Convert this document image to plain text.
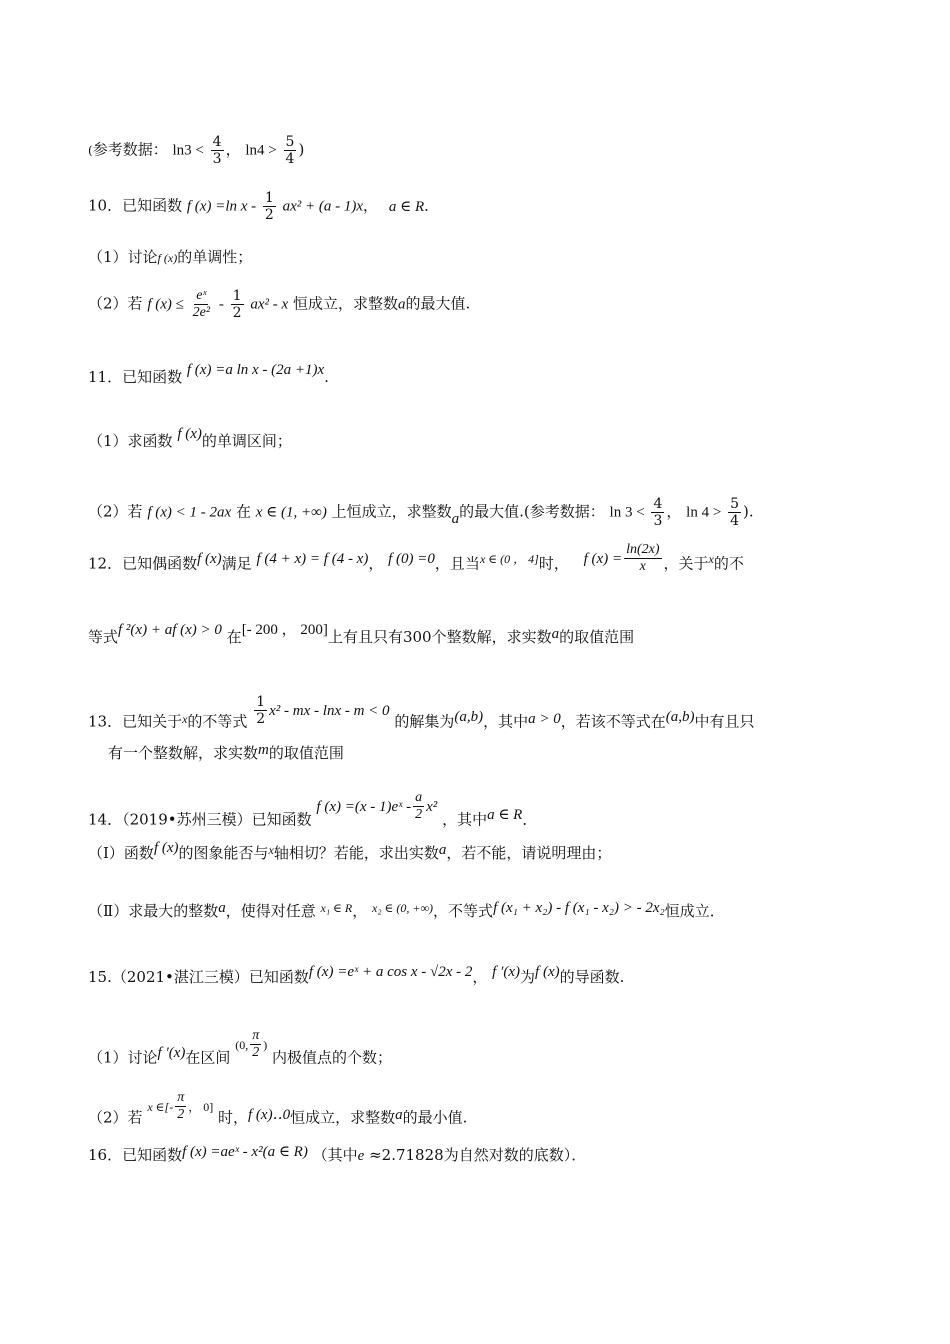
(参考数据： $\ln 3 < \frac{4}{3}$ ， $\ln 4 > \frac{5}{4}$ )
10．已知函数 f (x) =ln $x - \frac{1}{2} ax^2 + (a - 1)x$， a ∈ R．
（1）讨论f (x)的单调性；
（2）若 f $(x) \le \frac{\text{eˣ}}{\text{2e²}} - \frac{1}{2} ax^2 - x$ 恒成立，求整数a的最大值.
11．已知函数 f (x) =a ln x - (2a +1)x.
（1）求函数 f (x)的单调区间；
（2）若 f (x) < 1 - 2ax 在 x ∈ (1, +∞) 上恒成立，求整数a的最大值.(参考数据： $\ln 3 < \frac{4}{3}$ ， $\ln 4 > \frac{5}{4}$ ).
12．已知偶函数f (x)满足 f (4 + x) = f (4 - x)， f (0) =0，且当$^{x \in (0 , 4]}$时， f $(x) = \frac{\ln(2x)}{x}$ ，关于$^x$的不
等式f ²(x) + af (x) > 0 在[- 200 ， 200]上有且只有300个整数解，求实数a的取值范围
13．已知关于$^x$的不等式 $\frac{1}{2} x^2$ - mx - lnx - m < 0 的解集为(a,b)，其中a > 0，若该不等式在(a,b)中有且只
有一个整数解，求实数m的取值范围
14．（2019•苏州三模）已知函数 f (x) =(x - 1)eˣ - $\frac{a}{2} x^2$ ，其中a ∈ R．
（Ⅰ）函数f (x)的图象能否与$^x$轴相切？若能，求出实数a，若不能，请说明理由；
（Ⅱ）求最大的整数a，使得对任意 $^{x_1 \in R}$， $^{x_2 \in (0, +\infty)}$，不等式f (x₁ + x₂) - f (x₁ - x₂) > - 2x₂恒成立．
15.（2021•湛江三模）已知函数f (x) =eˣ + a cos x - √2x - 2， f ′(x)为f (x)的导函数.
（1）讨论f ′(x)在区间 (0, $\frac{\pi}{2}$ ) 内极值点的个数；
（2）若 x ∈[- $\frac{\pi}{2}$ ， 0] 时，f (x)‥0恒成立，求整数a的最小值.
16．已知函数f (x) =aeˣ - x²(a ∈ R) （其中e ≈2.71828为自然对数的底数）．
